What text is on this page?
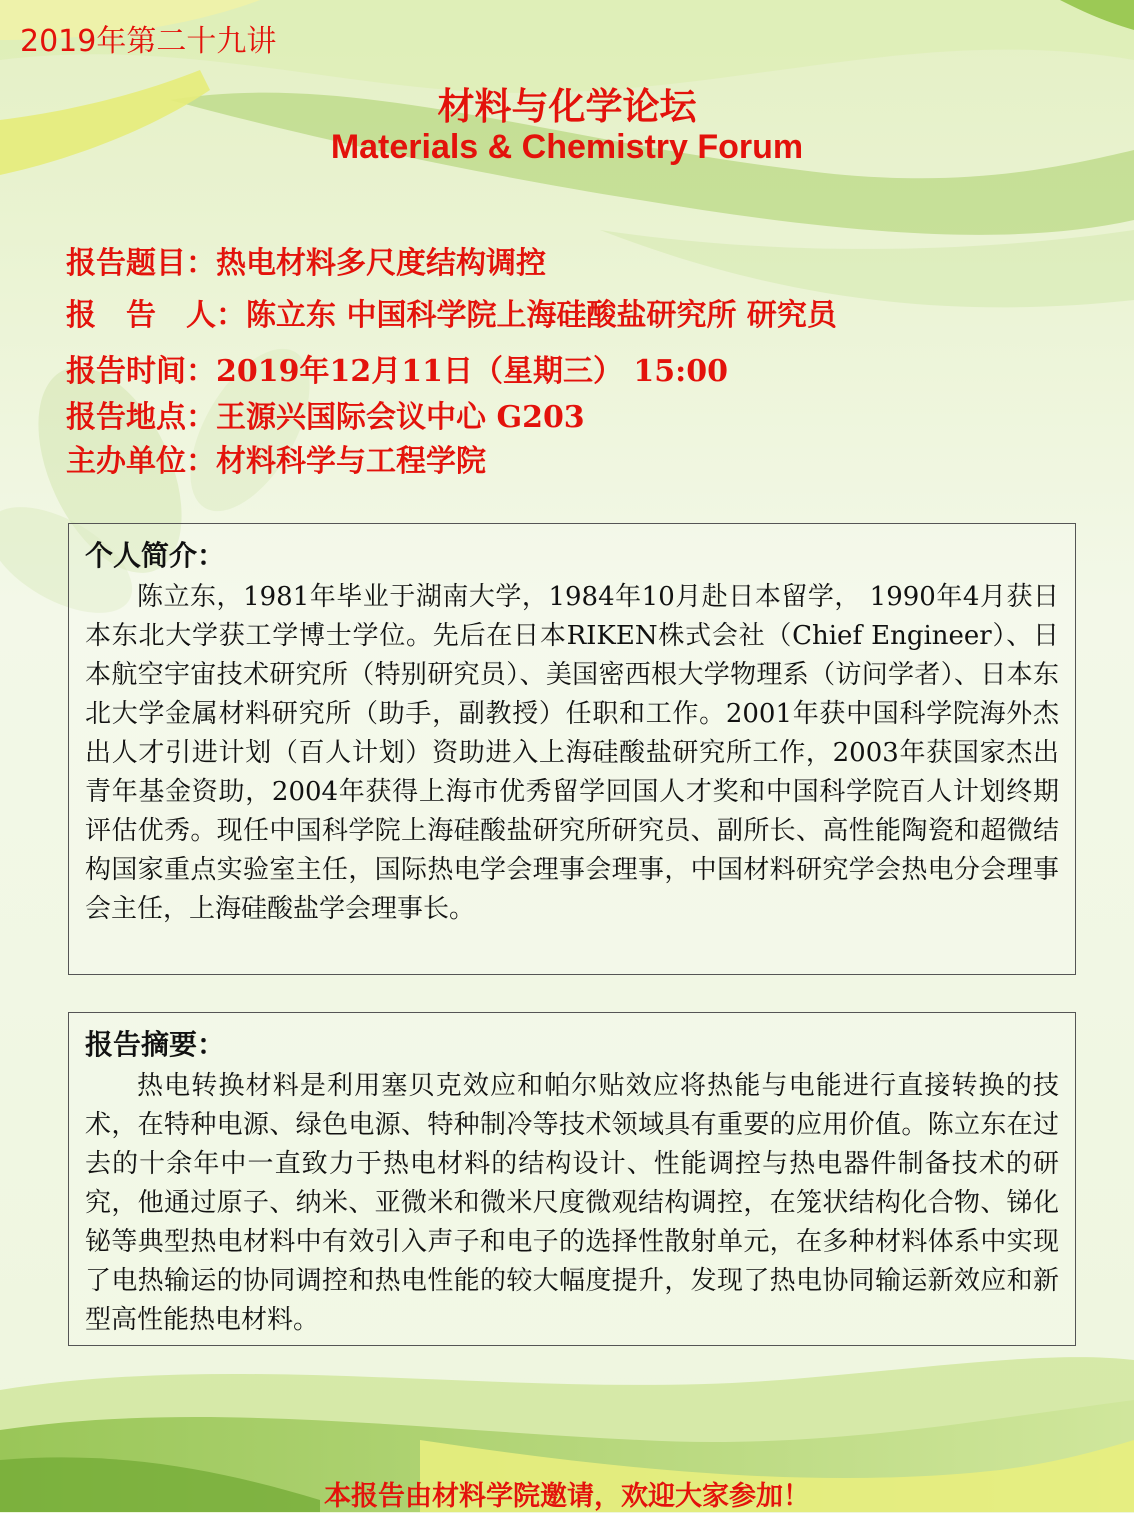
2019年第二十九讲
材料与化学论坛
Materials & Chemistry Forum
报告题目：热电材料多尺度结构调控
报　告　人：陈立东 中国科学院上海硅酸盐研究所 研究员
报告时间：2019年12月11日（星期三） 15:00
报告地点：王源兴国际会议中心 G203
主办单位：材料科学与工程学院
个人简介：
陈立东，1981年毕业于湖南大学，1984年10月赴日本留学， 1990年4月获日本东北大学获工学博士学位。先后在日本RIKEN株式会社（Chief Engineer）、日本航空宇宙技术研究所（特别研究员）、美国密西根大学物理系（访问学者）、日本东北大学金属材料研究所（助手，副教授）任职和工作。2001年获中国科学院海外杰出人才引进计划（百人计划）资助进入上海硅酸盐研究所工作，2003年获国家杰出青年基金资助，2004年获得上海市优秀留学回国人才奖和中国科学院百人计划终期评估优秀。现任中国科学院上海硅酸盐研究所研究员、副所长、高性能陶瓷和超微结构国家重点实验室主任，国际热电学会理事会理事，中国材料研究学会热电分会理事会主任，上海硅酸盐学会理事长。
报告摘要：
热电转换材料是利用塞贝克效应和帕尔贴效应将热能与电能进行直接转换的技术，在特种电源、绿色电源、特种制冷等技术领域具有重要的应用价值。陈立东在过去的十余年中一直致力于热电材料的结构设计、性能调控与热电器件制备技术的研究，他通过原子、纳米、亚微米和微米尺度微观结构调控，在笼状结构化合物、锑化铋等典型热电材料中有效引入声子和电子的选择性散射单元，在多种材料体系中实现了电热输运的协同调控和热电性能的较大幅度提升，发现了热电协同输运新效应和新型高性能热电材料。
本报告由材料学院邀请，欢迎大家参加！
